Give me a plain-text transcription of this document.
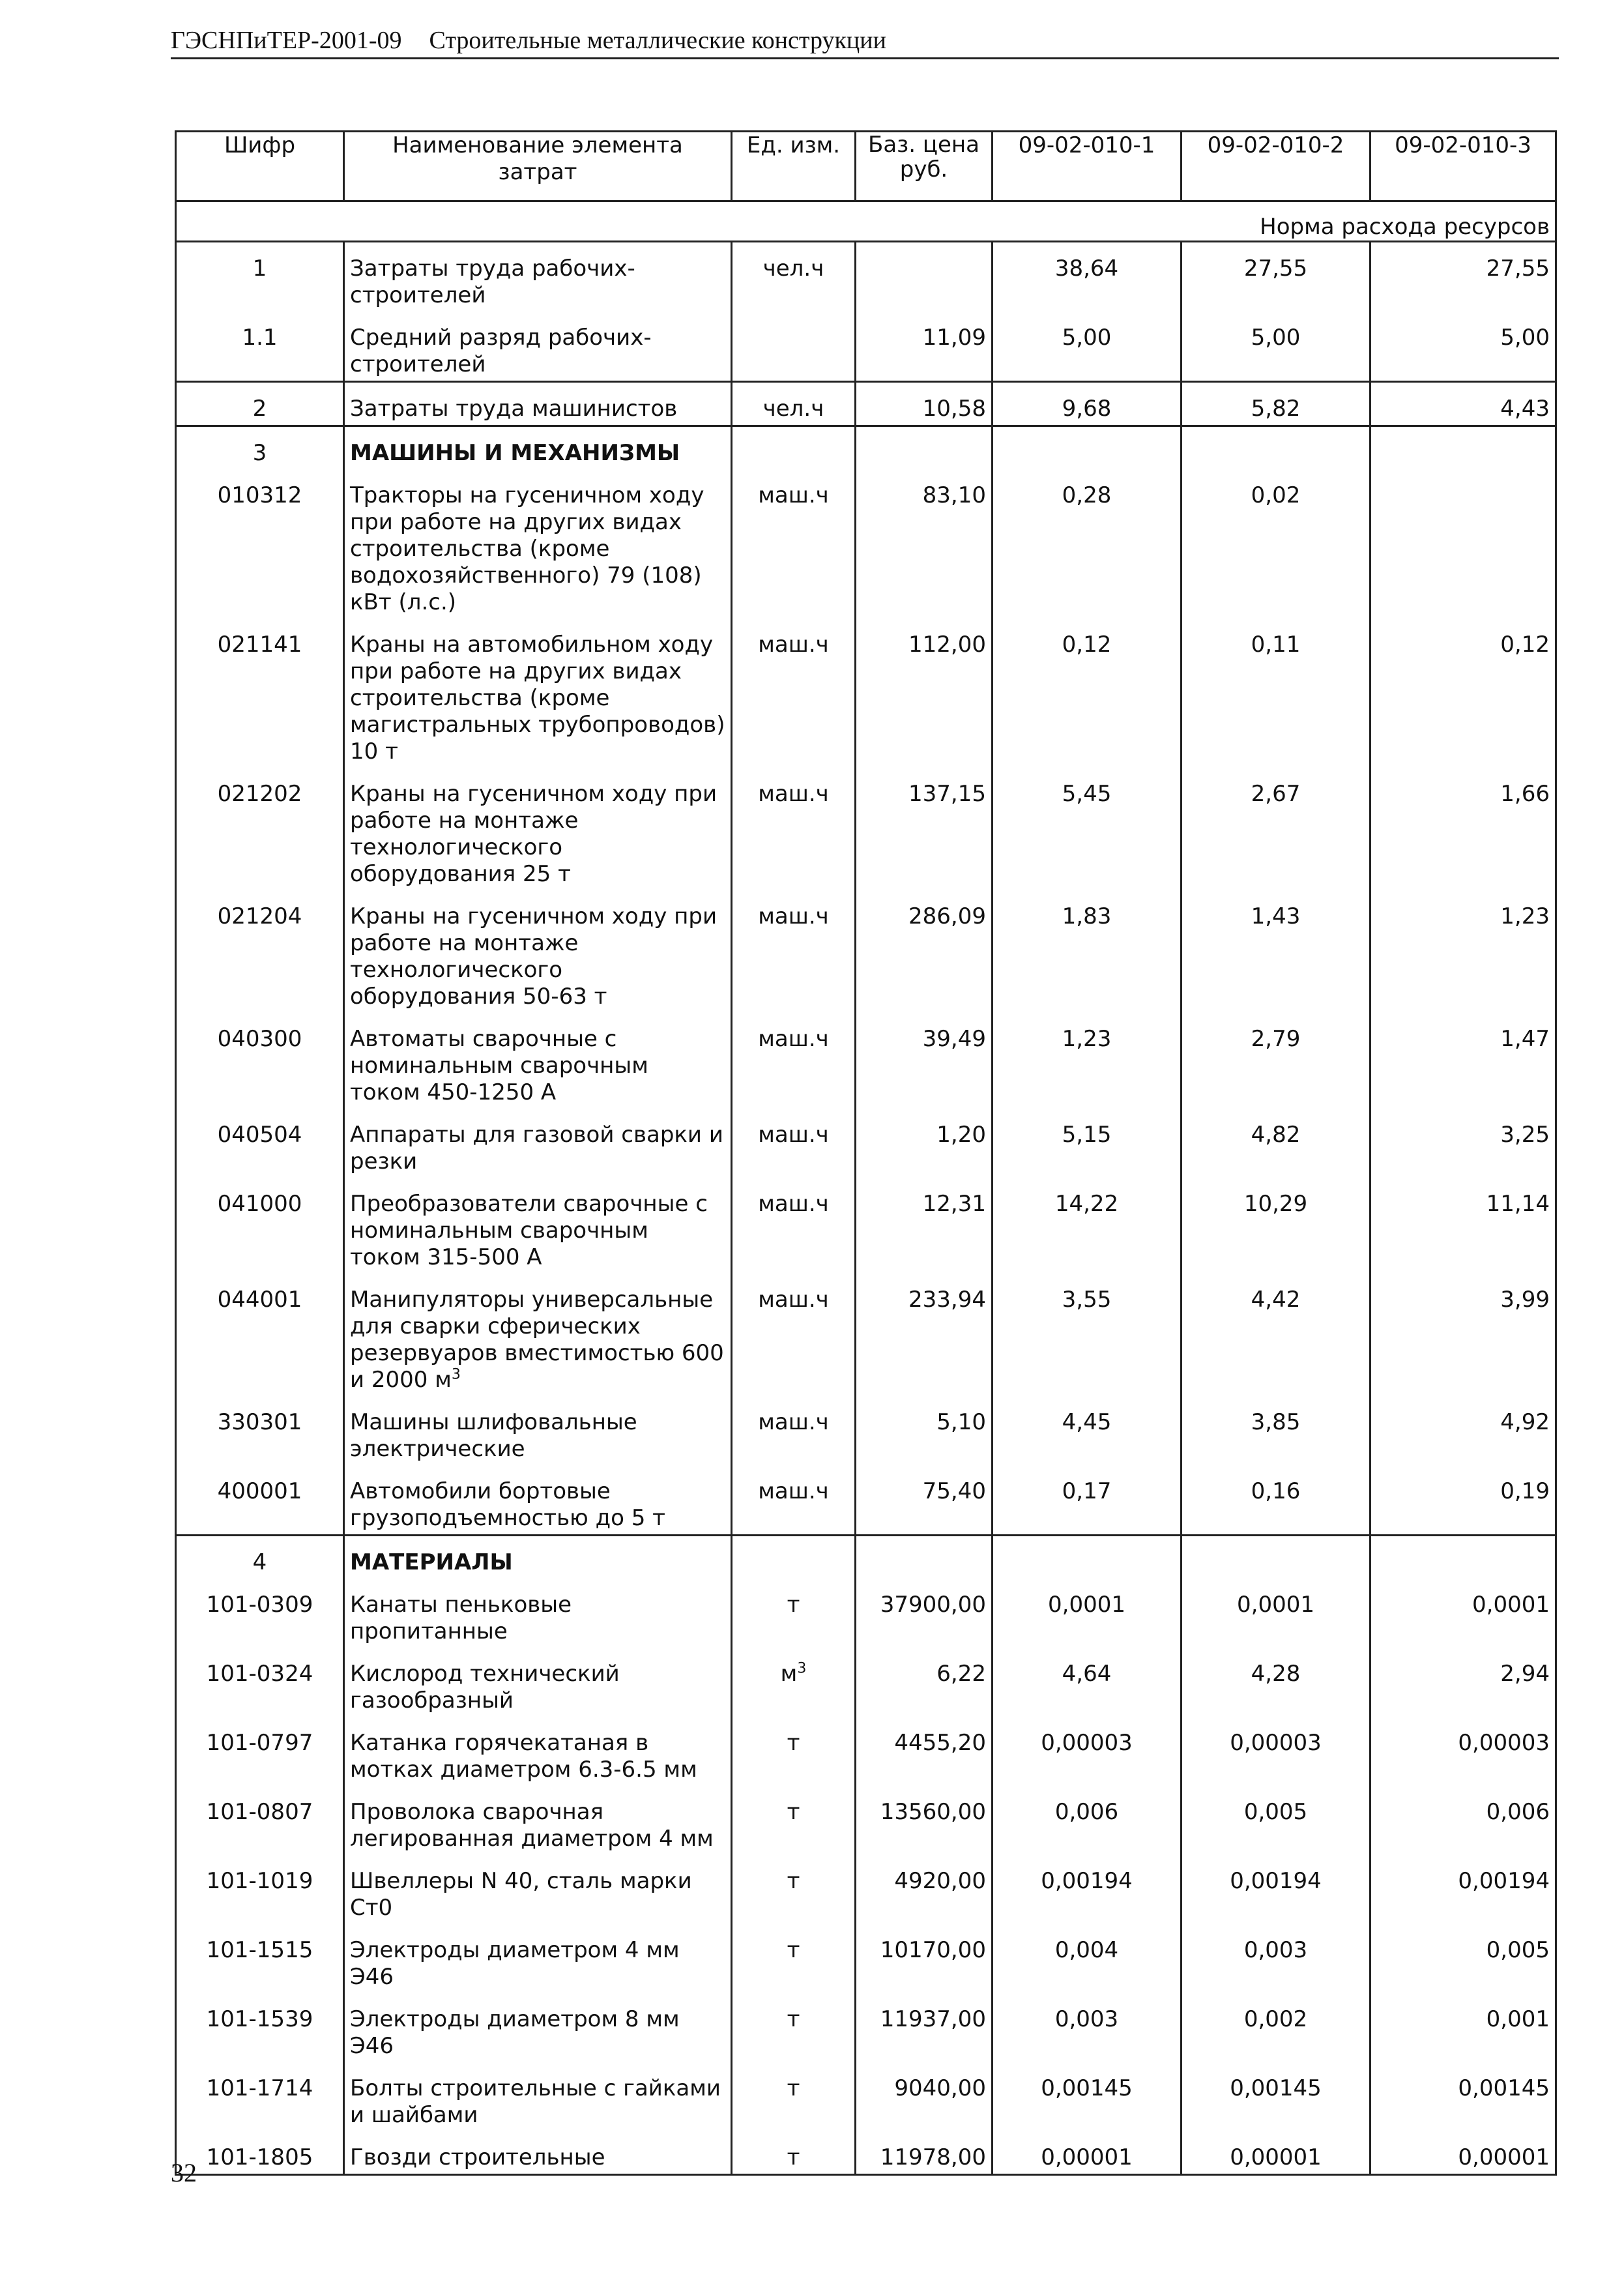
ГЭСНПиТЕР-2001-09 Строительные металлические конструкции
Шифр	Наименование элемента затрат	Ед. изм.	Баз. цена руб.	09-02-010-1	09-02-010-2	09-02-010-3
Норма расхода ресурсов						
1	Затраты труда рабочих-строителей	чел.ч		38,64	27,55	27,55
1.1	Средний разряд рабочих-строителей		11,09	5,00	5,00	5,00
2	Затраты труда машинистов	чел.ч	10,58	9,68	5,82	4,43
3	МАШИНЫ И МЕХАНИЗМЫ					
010312	Тракторы на гусеничном ходу при работе на других видах строительства (кроме водохозяйственного) 79 (108) кВт (л.с.)	маш.ч	83,10	0,28	0,02	
021141	Краны на автомобильном ходу при работе на других видах строительства (кроме магистральных трубопроводов) 10 т	маш.ч	112,00	0,12	0,11	0,12
021202	Краны на гусеничном ходу при работе на монтаже технологического оборудования 25 т	маш.ч	137,15	5,45	2,67	1,66
021204	Краны на гусеничном ходу при работе на монтаже технологического оборудования 50-63 т	маш.ч	286,09	1,83	1,43	1,23
040300	Автоматы сварочные с номинальным сварочным током 450-1250 А	маш.ч	39,49	1,23	2,79	1,47
040504	Аппараты для газовой сварки и резки	маш.ч	1,20	5,15	4,82	3,25
041000	Преобразователи сварочные с номинальным сварочным током 315-500 А	маш.ч	12,31	14,22	10,29	11,14
044001	Манипуляторы универсальные для сварки сферических резервуаров вместимостью 600 и 2000 $м^3$	маш.ч	233,94	3,55	4,42	3,99
330301	Машины шлифовальные электрические	маш.ч	5,10	4,45	3,85	4,92
400001	Автомобили бортовые грузоподъемностью до 5 т	маш.ч	75,40	0,17	0,16	0,19
4	МАТЕРИАЛЫ					
101-0309	Канаты пеньковые пропитанные	т	37900,00	0,0001	0,0001	0,0001
101-0324	Кислород технический газообразный	$м^3$	6,22	4,64	4,28	2,94
101-0797	Катанка горячекатаная в мотках диаметром 6.3-6.5 мм	т	4455,20	0,00003	0,00003	0,00003
101-0807	Проволока сварочная легированная диаметром 4 мм	т	13560,00	0,006	0,005	0,006
101-1019	Швеллеры N 40, сталь марки Ст0	т	4920,00	0,00194	0,00194	0,00194
101-1515	Электроды диаметром 4 мм Э46	т	10170,00	0,004	0,003	0,005
101-1539	Электроды диаметром 8 мм Э46	т	11937,00	0,003	0,002	0,001
101-1714	Болты строительные с гайками и шайбами	т	9040,00	0,00145	0,00145	0,00145
101-1805	Гвозди строительные	т	11978,00	0,00001	0,00001	0,00001
32
